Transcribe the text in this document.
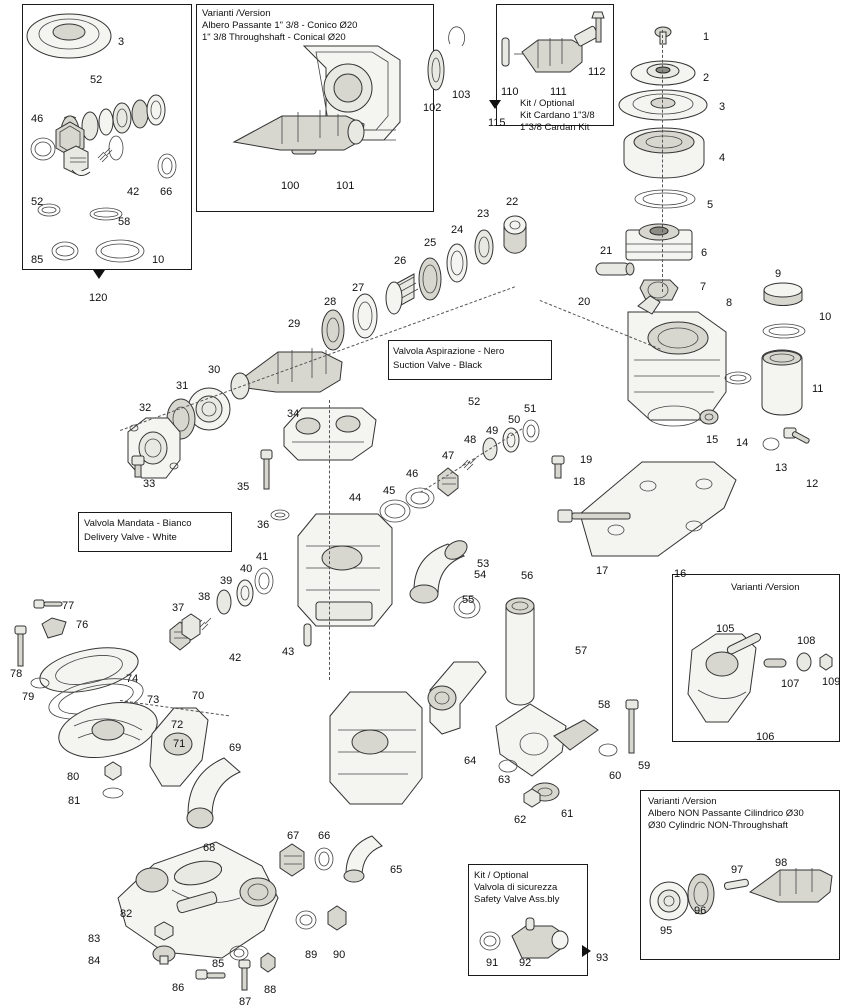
Varianti /Version
Albero Passante 1" 3/8 - Conico Ø20
1" 3/8 Throughshaft - Conical Ø20
Kit / Optional
Kit Cardano 1"3/8
1"3/8 Cardan Kit
Valvola Aspirazione - Nero
Suction Valve - Black
Valvola Mandata - Bianco
Delivery Valve - White
Varianti /Version
Varianti /Version
Albero NON Passante Cilindrico Ø30
Ø30 Cylindric NON-Throughshaft
Kit / Optional
Valvola di sicurezza
Safety Valve Ass.bly
3
52
46
42 66
52
58
85	10
120
102
103
100	101
110	111
112
115
1
2
3
4
5
6
7
21
20	8
9
10
11
13
12
14
15
19
18
17	16
22
23
24
25
26
27
28
29
30
31
32
33
34
35
36
44
45
46
47
48
49
50
51
52
37
38
39
40
41
42	43
53
54
55
56
57
58
59
60
61
62
63
64
65
66
67
68
69
70
71
72
73
74
76
77
78
79
80
81
82
83
84	85
86
87
88
89 90
91 92	93
95
96
97
98
105
106
107
108
109
